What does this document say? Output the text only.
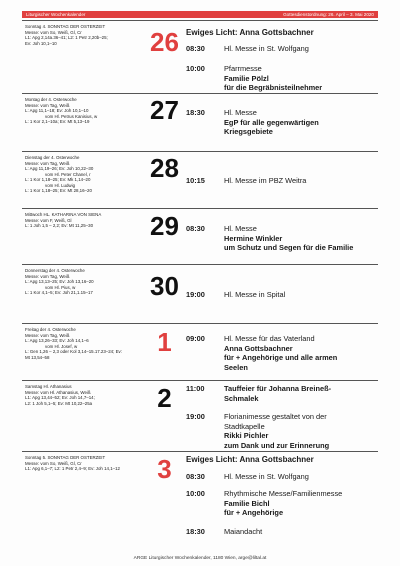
Liturgischer Wochenkalender	Gottesdienstordnung: 26. April – 3. Mai 2020
Sonntag 4. SONNTAG DER OSTERZEIT
Messe: vom So, Weiß, Gl, Cr
L1: Apg 2,14a.36–41; L2: 1 Petr 2,20b–25;
Ev: Joh 10,1–10	26 Ewiges Licht: Anna Gottsbachner
08:30	Hl. Messe in St. Wolfgang
10:00	Pfarrmesse
Familie Pölzl
für die Begräbnisteilnehmer
Montag der 4. Osterwoche
Messe: vom Tag, Weiß
L: Apg 11,1–18; Ev: Joh 10,1–10
vom Hl. Petrus Kanisius, w
L: 1 Kor 2,1–10a; Ev: Mt 5,13–19	27 18:30	Hl. Messe
EgP für alle gegenwärtigen
Kriegsgebiete
Dienstag der 4. Osterwoche
Messe: vom Tag, Weiß
L: Apg 11,19–26; Ev: Joh 10,22–30
vom Hl. Peter Chanel, r
L: 1 Kor 1,18–25; Ev: Mk 1,14–20
vom Hl. Ludwig
L: 1 Kor 1,18–25; Ev: Mt 28,16–20
28 10:15	Hl. Messe im PBZ Weitra
Mittwoch HL. KATHARINA VON SIENA
Messe: vom F, Weiß, Gl
L: 1 Joh 1,5 – 2,2; Ev: Mt 11,25–30	29 08:30	Hl. Messe
Hermine Winkler
um Schutz und Segen für die Familie
Donnerstag der 4. Osterwoche
Messe: vom Tag, Weiß
L: Apg 13,13–25; Ev: Joh 13,16–20
vom Hl. Pius, w
L: 1 Kor 4,1–5; Ev: Joh 21,1.15–17	30 19:00	Hl. Messe in Spital
Freitag der 4. Osterwoche
Messe: vom Tag, Weiß
L: Apg 13,26–33; Ev: Joh 14,1–6
vom Hl. Josef, w
L: Gen 1,26 – 2,3 oder Kol 3,14–15.17.23–24; Ev:
Mt 13,54–58	1	09:00	Hl. Messe für das Vaterland
Anna Gottsbachner
für + Angehörige und alle armen
Seelen
Samstag Hl. Athanasius
Messe: vom Hl. Athanasius, Weiß
L1: Apg 13,44–52; Ev: Joh 14,7–14;
L2: 1 Joh 5,1–5; Ev: Mt 10,22–25a	2	11:00	Tauffeier für Johanna Breineß-
Schmalek
19:00	Florianimesse gestaltet von der
Stadtkapelle
Rikki Pichler
zum Dank und zur Erinnerung
Sonntag 5. SONNTAG DER OSTERZEIT
Messe: vom So, Weiß, Gl, Cr
L1: Apg 6,1–7; L2: 1 Petr 2,4–9; Ev: Joh 14,1–12	3	Ewiges Licht: Anna Gottsbachner
08:30	Hl. Messe in St. Wolfgang
10:00	Rhythmische Messe/Familienmesse
Familie Bichl
für + Angehörige
18:30	Maiandacht
ARGE Liturgischer Wochenkalender, 1180 Wien, arge@liltal.at
